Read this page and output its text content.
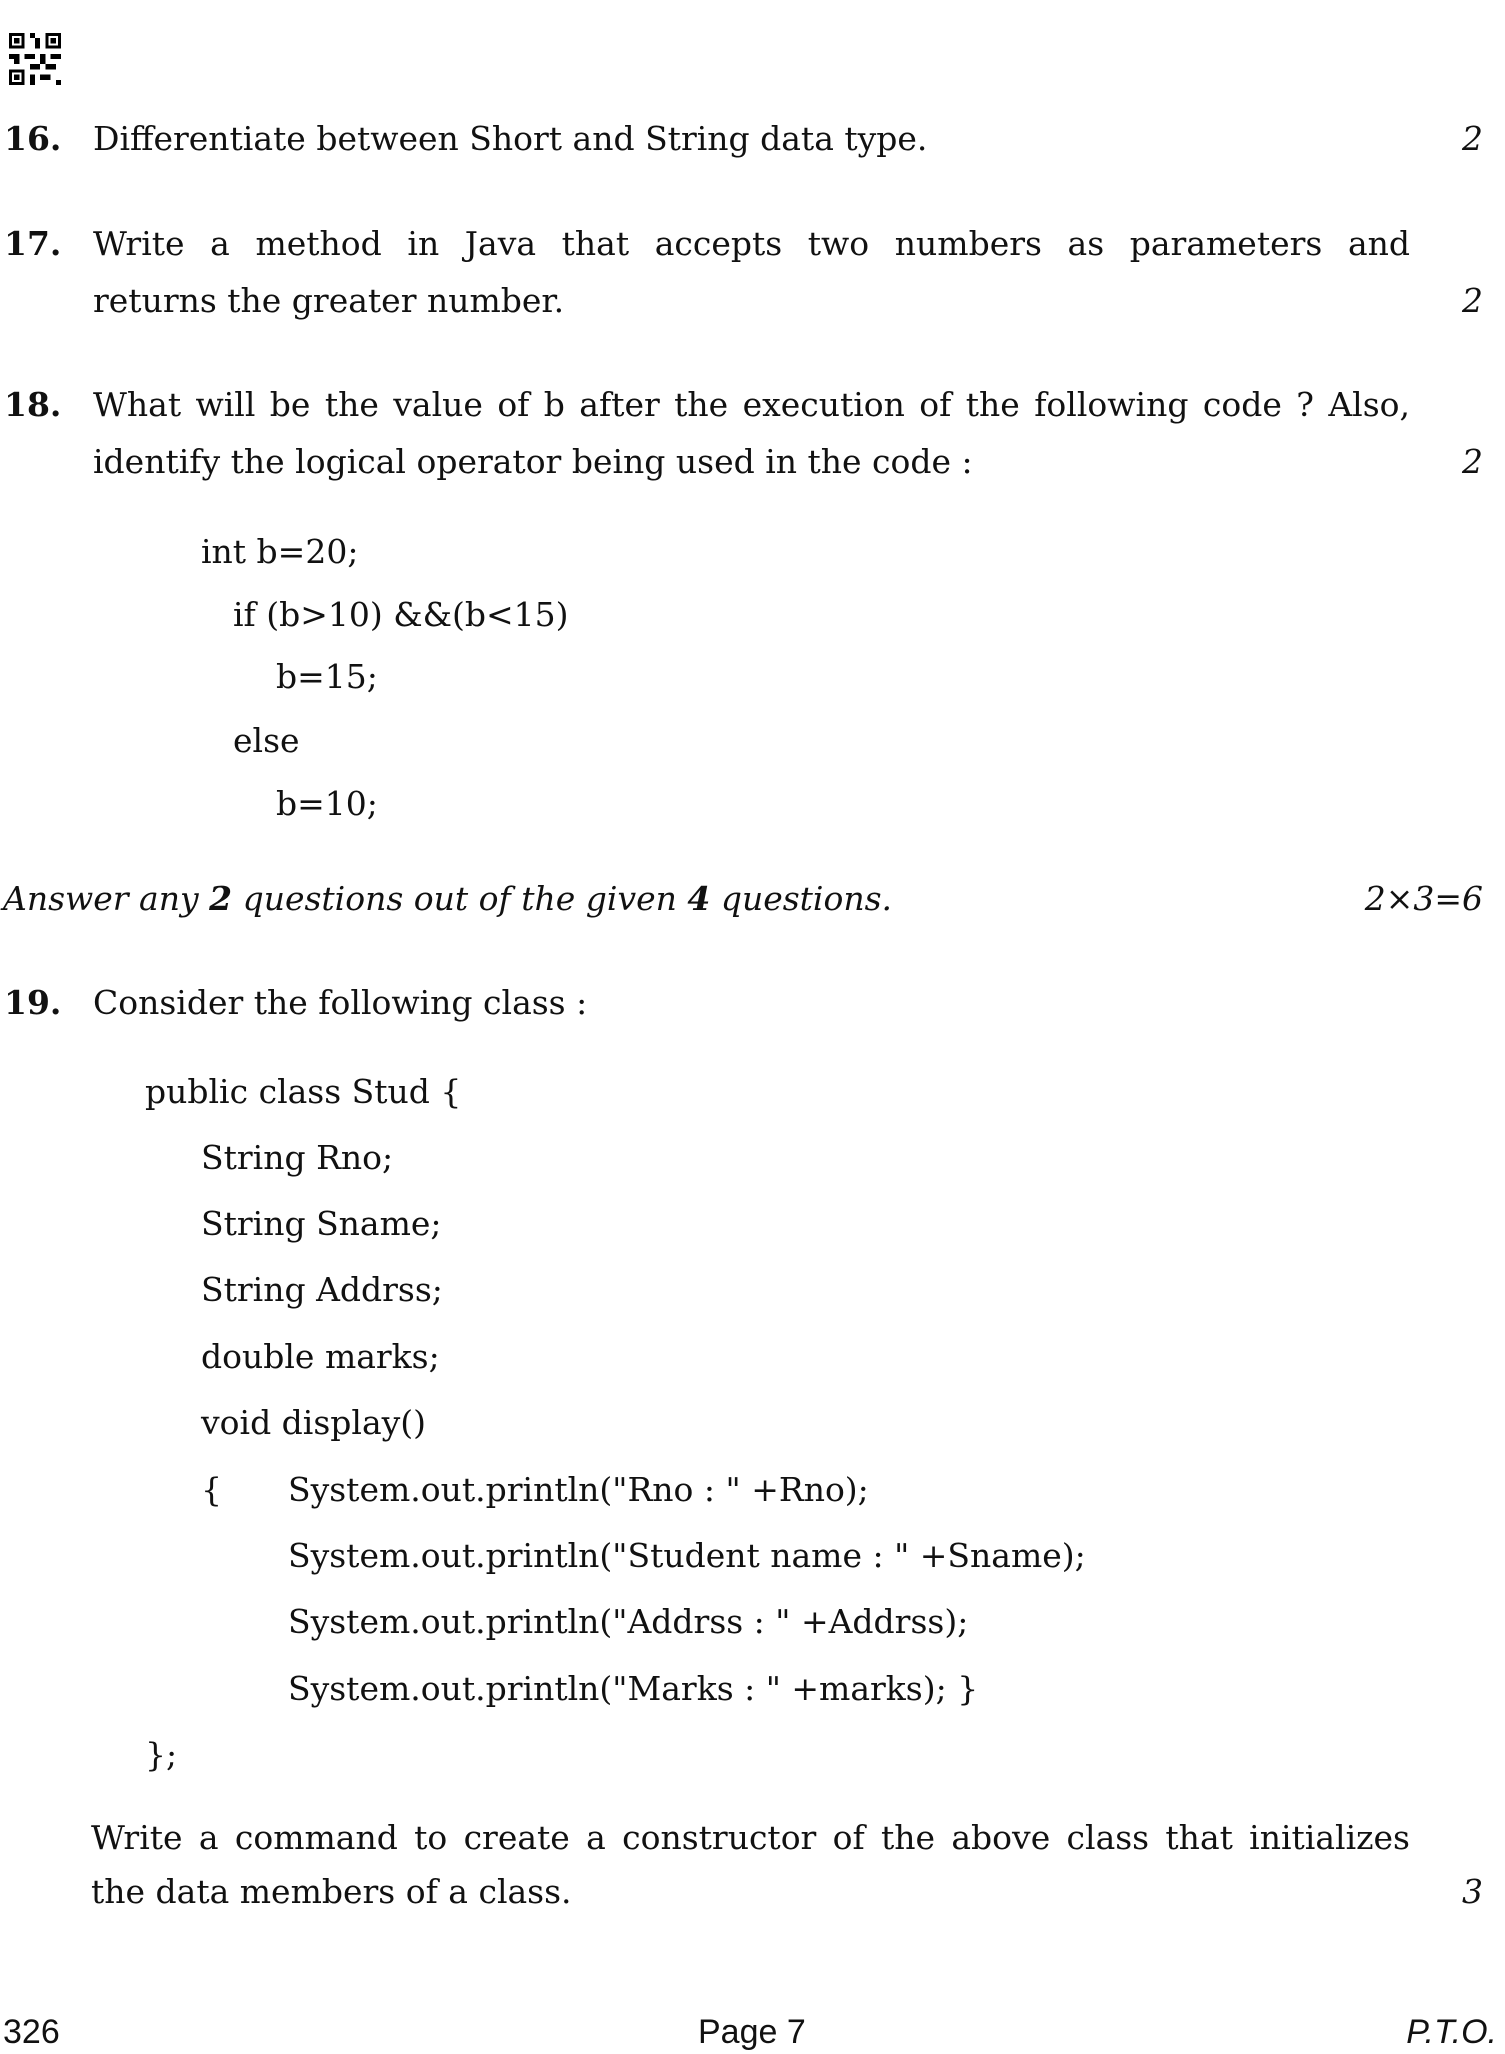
16. Differentiate between Short and String data type.	2
17. Write a method in Java that accepts two numbers as parameters and
returns the greater number.	2
18. What will be the value of b after the execution of the following code ? Also,
identify the logical operator being used in the code :	2
int b=20;
if (b>10) &&(b<15)
b=15;
else
b=10;
Answer any 2 questions out of the given 4 questions.	2×3=6
19. Consider the following class :
public class Stud {
String Rno;
String Sname;
String Addrss;
double marks;
void display()
{ System.out.println("Rno : " +Rno);
System.out.println("Student name : " +Sname);
System.out.println("Addrss : " +Addrss);
System.out.println("Marks : " +marks); }
};
Write a command to create a constructor of the above class that initializes
the data members of a class.	3
326	Page 7	P.T.O.
